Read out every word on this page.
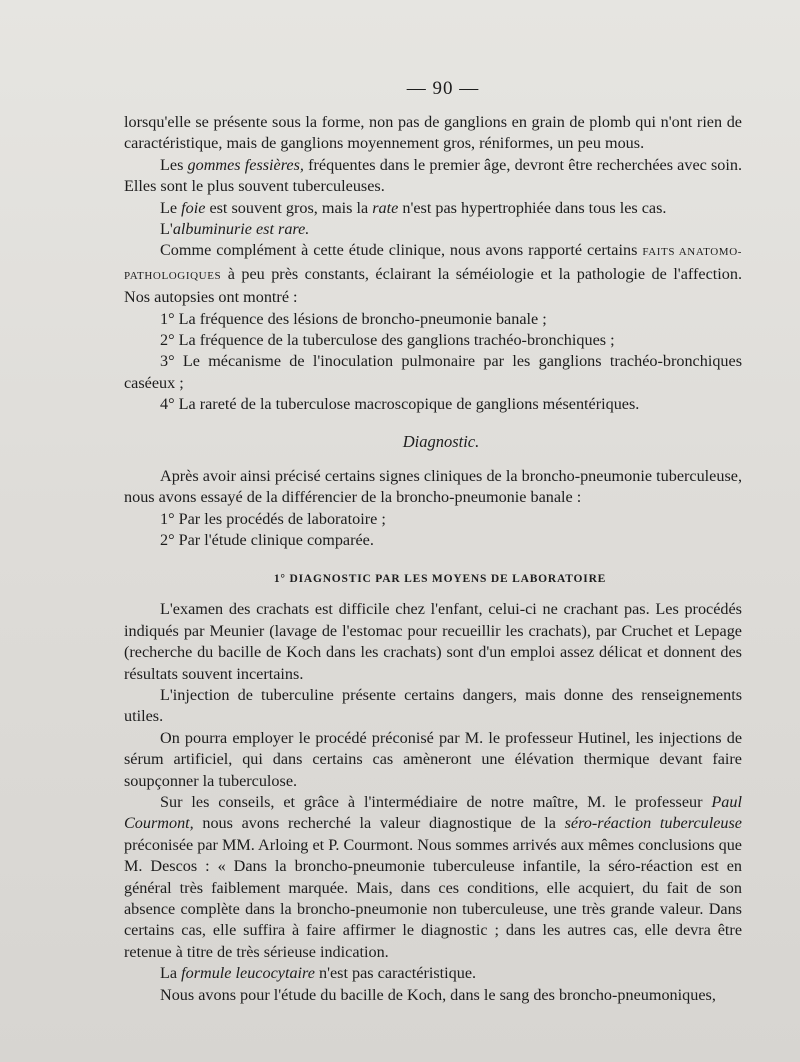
— 90 —

lorsqu'elle se présente sous la forme, non pas de ganglions en grain de plomb qui n'ont rien de caractéristique, mais de ganglions moyennement gros, réniformes, un peu mous.

Les gommes fessières, fréquentes dans le premier âge, devront être recherchées avec soin. Elles sont le plus souvent tuberculeuses.

Le foie est souvent gros, mais la rate n'est pas hypertrophiée dans tous les cas.

L'albuminurie est rare.

Comme complément à cette étude clinique, nous avons rapporté certains FAITS ANATOMO-PATHOLOGIQUES à peu près constants, éclairant la séméiologie et la pathologie de l'affection. Nos autopsies ont montré :

1° La fréquence des lésions de broncho-pneumonie banale ;

2° La fréquence de la tuberculose des ganglions trachéo-bronchiques ;

3° Le mécanisme de l'inoculation pulmonaire par les ganglions trachéo-bronchiques caséeux ;

4° La rareté de la tuberculose macroscopique de ganglions mésentériques.

Diagnostic.

Après avoir ainsi précisé certains signes cliniques de la broncho-pneumonie tuberculeuse, nous avons essayé de la différencier de la broncho-pneumonie banale :

1° Par les procédés de laboratoire ;

2° Par l'étude clinique comparée.

1° DIAGNOSTIC PAR LES MOYENS DE LABORATOIRE

L'examen des crachats est difficile chez l'enfant, celui-ci ne crachant pas. Les procédés indiqués par Meunier (lavage de l'estomac pour recueillir les crachats), par Cruchet et Lepage (recherche du bacille de Koch dans les crachats) sont d'un emploi assez délicat et donnent des résultats souvent incertains.

L'injection de tuberculine présente certains dangers, mais donne des renseignements utiles.

On pourra employer le procédé préconisé par M. le professeur Hutinel, les injections de sérum artificiel, qui dans certains cas amèneront une élévation thermique devant faire soupçonner la tuberculose.

Sur les conseils, et grâce à l'intermédiaire de notre maître, M. le professeur Paul Courmont, nous avons recherché la valeur diagnostique de la séro-réaction tuberculeuse préconisée par MM. Arloing et P. Courmont. Nous sommes arrivés aux mêmes conclusions que M. Descos : « Dans la broncho-pneumonie tuberculeuse infantile, la séro-réaction est en général très faiblement marquée. Mais, dans ces conditions, elle acquiert, du fait de son absence complète dans la broncho-pneumonie non tuberculeuse, une très grande valeur. Dans certains cas, elle suffira à faire affirmer le diagnostic ; dans les autres cas, elle devra être retenue à titre de très sérieuse indication.

La formule leucocytaire n'est pas caractéristique.

Nous avons pour l'étude du bacille de Koch, dans le sang des broncho-pneumoniques,
